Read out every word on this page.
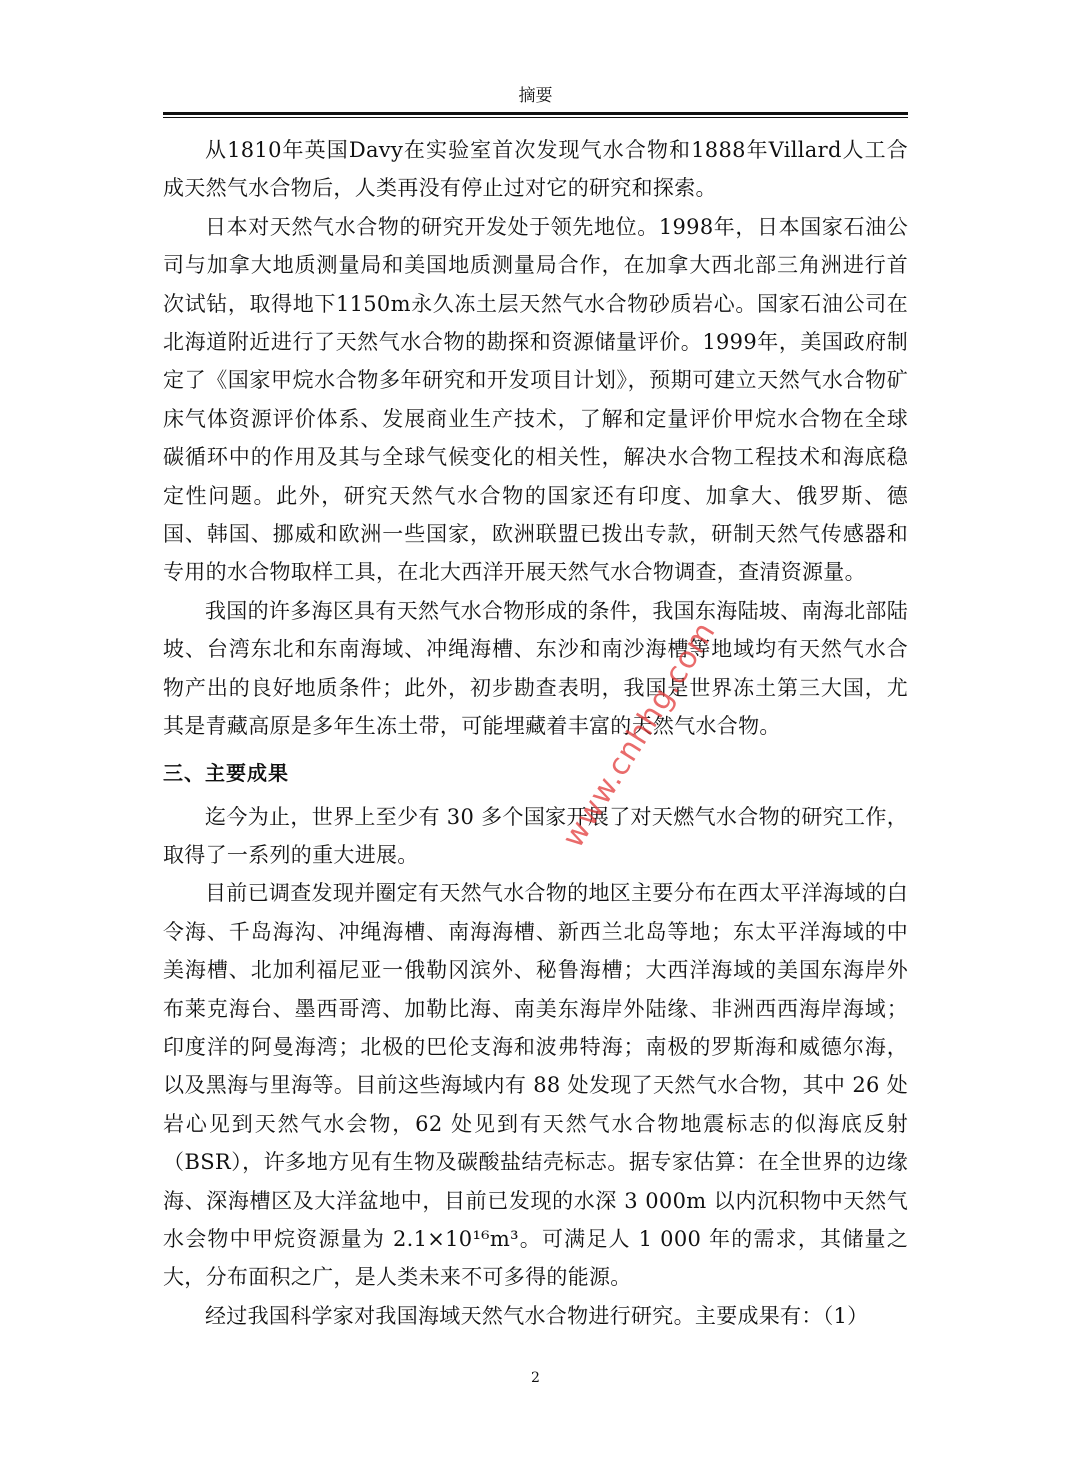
摘要

从1810年英国Davy在实验室首次发现气水合物和1888年Villard人工合成天然气水合物后，人类再没有停止过对它的研究和探索。

日本对天然气水合物的研究开发处于领先地位。1998年，日本国家石油公司与加拿大地质测量局和美国地质测量局合作，在加拿大西北部三角洲进行首次试钻，取得地下1150m永久冻土层天然气水合物砂质岩心。国家石油公司在北海道附近进行了天然气水合物的勘探和资源储量评价。1999年，美国政府制定了《国家甲烷水合物多年研究和开发项目计划》，预期可建立天然气水合物矿床气体资源评价体系、发展商业生产技术，了解和定量评价甲烷水合物在全球碳循环中的作用及其与全球气候变化的相关性，解决水合物工程技术和海底稳定性问题。此外，研究天然气水合物的国家还有印度、加拿大、俄罗斯、德国、韩国、挪威和欧洲一些国家，欧洲联盟已拨出专款，研制天然气传感器和专用的水合物取样工具，在北大西洋开展天然气水合物调查，查清资源量。

我国的许多海区具有天然气水合物形成的条件，我国东海陆坡、南海北部陆坡、台湾东北和东南海域、冲绳海槽、东沙和南沙海槽等地域均有天然气水合物产出的良好地质条件；此外，初步勘查表明，我国是世界冻土第三大国，尤其是青藏高原是多年生冻土带，可能埋藏着丰富的天然气水合物。

三、主要成果

迄今为止，世界上至少有 30 多个国家开展了对天燃气水合物的研究工作，取得了一系列的重大进展。

目前已调查发现并圈定有天然气水合物的地区主要分布在西太平洋海域的白令海、千岛海沟、冲绳海槽、南海海槽、新西兰北岛等地；东太平洋海域的中美海槽、北加利福尼亚一俄勒冈滨外、秘鲁海槽；大西洋海域的美国东海岸外布莱克海台、墨西哥湾、加勒比海、南美东海岸外陆缘、非洲西西海岸海域；印度洋的阿曼海湾；北极的巴伦支海和波弗特海；南极的罗斯海和威德尔海，以及黑海与里海等。目前这些海域内有 88 处发现了天然气水合物，其中 26 处岩心见到天然气水会物，62 处见到有天然气水合物地震标志的似海底反射（BSR），许多地方见有生物及碳酸盐结壳标志。据专家估算：在全世界的边缘海、深海槽区及大洋盆地中，目前已发现的水深 3 000m 以内沉积物中天然气水会物中甲烷资源量为 2.1×10¹⁶m³。可满足人 1 000 年的需求，其储量之大，分布面积之广，是人类未来不可多得的能源。

经过我国科学家对我国海域天然气水合物进行研究。主要成果有：（1）

2
www.cnhhg.com
